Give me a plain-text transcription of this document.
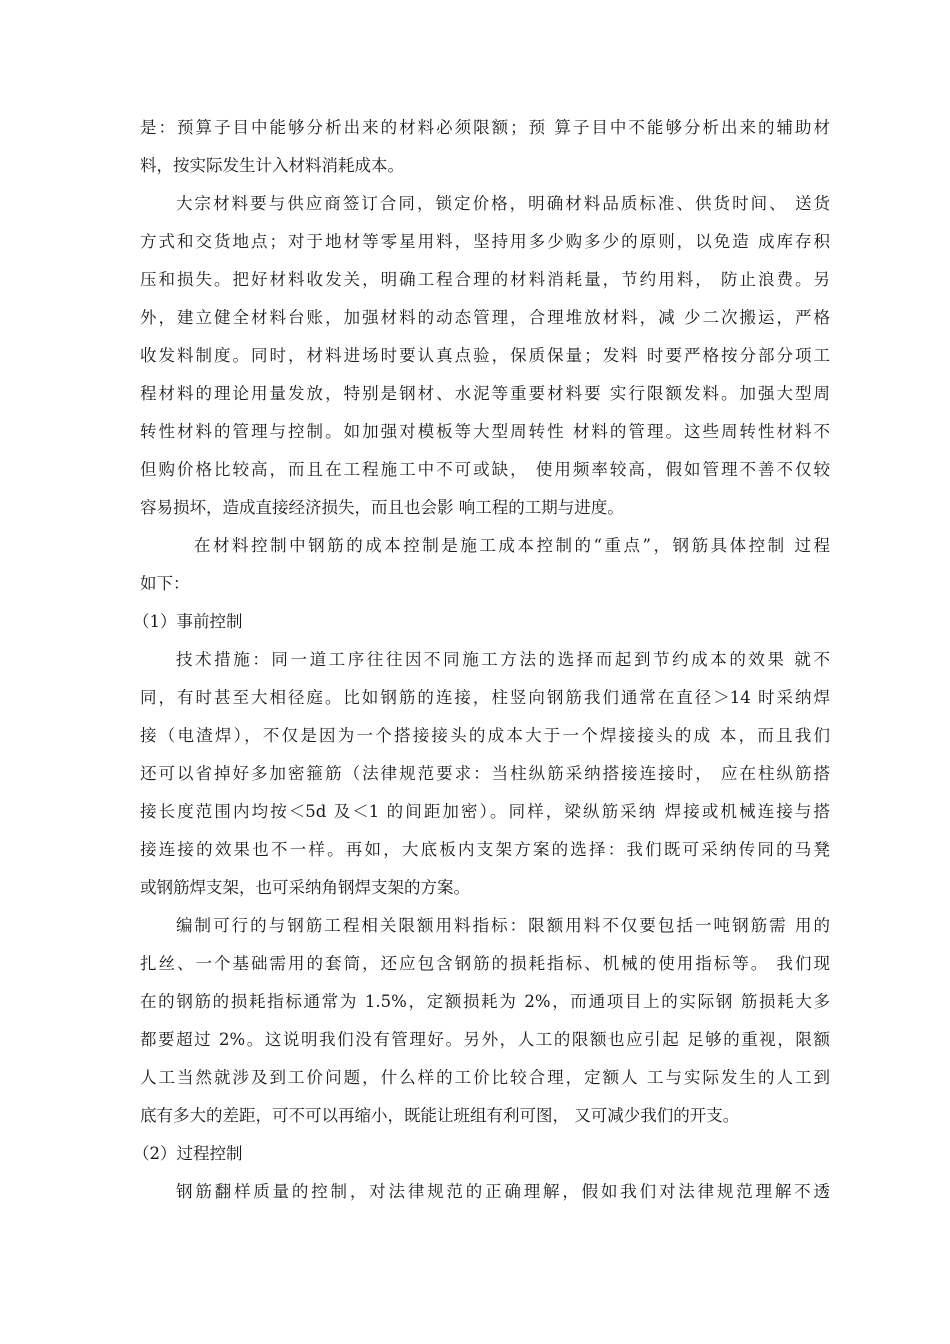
是：预算子目中能够分析出来的材料必须限额；预 算子目中不能够分析出来的辅助材
料，按实际发生计入材料消耗成本。
大宗材料要与供应商签订合同，锁定价格，明确材料品质标准、供货时间、 送货
方式和交货地点；对于地材等零星用料，坚持用多少购多少的原则，以免造 成库存积
压和损失。把好材料收发关，明确工程合理的材料消耗量，节约用料， 防止浪费。另
外，建立健全材料台账，加强材料的动态管理，合理堆放材料，减 少二次搬运，严格
收发料制度。同时，材料进场时要认真点验，保质保量；发料 时要严格按分部分项工
程材料的理论用量发放，特别是钢材、水泥等重要材料要 实行限额发料。加强大型周
转性材料的管理与控制。如加强对模板等大型周转性 材料的管理。这些周转性材料不
但购价格比较高，而且在工程施工中不可或缺， 使用频率较高，假如管理不善不仅较
容易损坏，造成直接经济损失，而且也会影 响工程的工期与进度。
在材料控制中钢筋的成本控制是施工成本控制的“重点”，钢筋具体控制 过程
如下：
（1）事前控制
技术措施：同一道工序往往因不同施工方法的选择而起到节约成本的效果 就不
同，有时甚至大相径庭。比如钢筋的连接，柱竖向钢筋我们通常在直径＞14 时采纳焊
接（电渣焊），不仅是因为一个搭接接头的成本大于一个焊接接头的成 本，而且我们
还可以省掉好多加密箍筋（法律规范要求：当柱纵筋采纳搭接连接时， 应在柱纵筋搭
接长度范围内均按＜5d 及＜1 的间距加密）。同样，梁纵筋采纳 焊接或机械连接与搭
接连接的效果也不一样。再如，大底板内支架方案的选择：我们既可采纳传同的马凳
或钢筋焊支架，也可采纳角钢焊支架的方案。
编制可行的与钢筋工程相关限额用料指标：限额用料不仅要包括一吨钢筋需 用的
扎丝、一个基础需用的套筒，还应包含钢筋的损耗指标、机械的使用指标等。 我们现
在的钢筋的损耗指标通常为 1.5%，定额损耗为 2%，而通项目上的实际钢 筋损耗大多
都要超过 2%。这说明我们没有管理好。另外，人工的限额也应引起 足够的重视，限额
人工当然就涉及到工价问题，什么样的工价比较合理，定额人 工与实际发生的人工到
底有多大的差距，可不可以再缩小，既能让班组有利可图， 又可减少我们的开支。
（2）过程控制
钢筋翻样质量的控制，对法律规范的正确理解，假如我们对法律规范理解不透
